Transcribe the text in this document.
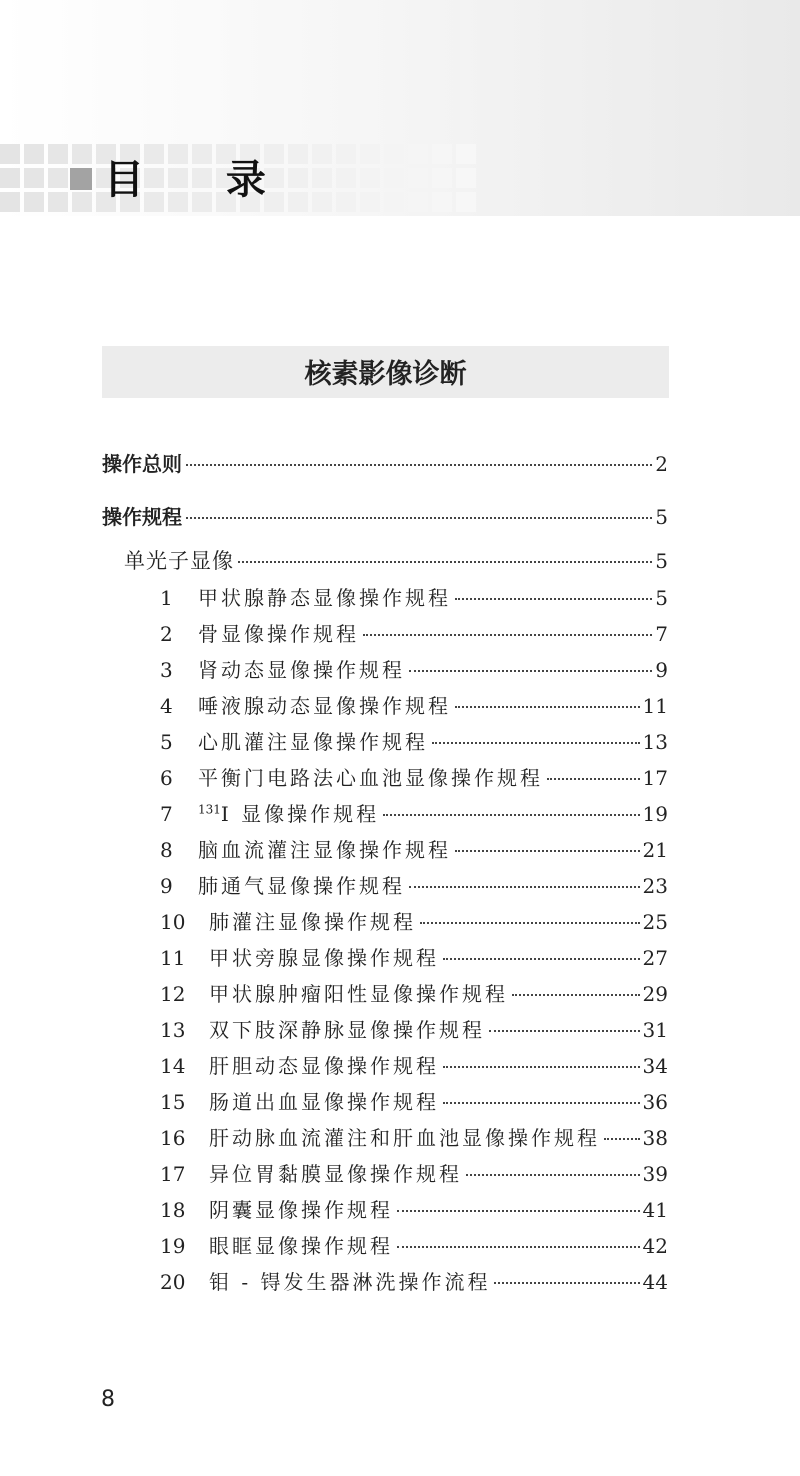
目 录
核素影像诊断
操作总则	2
操作规程	5
单光子显像	5
1	甲状腺静态显像操作规程	5
2	骨显像操作规程	7
3	肾动态显像操作规程	9
4	唾液腺动态显像操作规程	11
5	心肌灌注显像操作规程	13
6	平衡门电路法心血池显像操作规程	17
7	$^{131}$I 显像操作规程	19
8	脑血流灌注显像操作规程	21
9	肺通气显像操作规程	23
10	肺灌注显像操作规程	25
11	甲状旁腺显像操作规程	27
12	甲状腺肿瘤阳性显像操作规程	29
13	双下肢深静脉显像操作规程	31
14	肝胆动态显像操作规程	34
15	肠道出血显像操作规程	36
16	肝动脉血流灌注和肝血池显像操作规程 38
17	异位胃黏膜显像操作规程	39
18	阴囊显像操作规程	41
19	眼眶显像操作规程	42
20	钼 - 锝发生器淋洗操作流程	44
8
